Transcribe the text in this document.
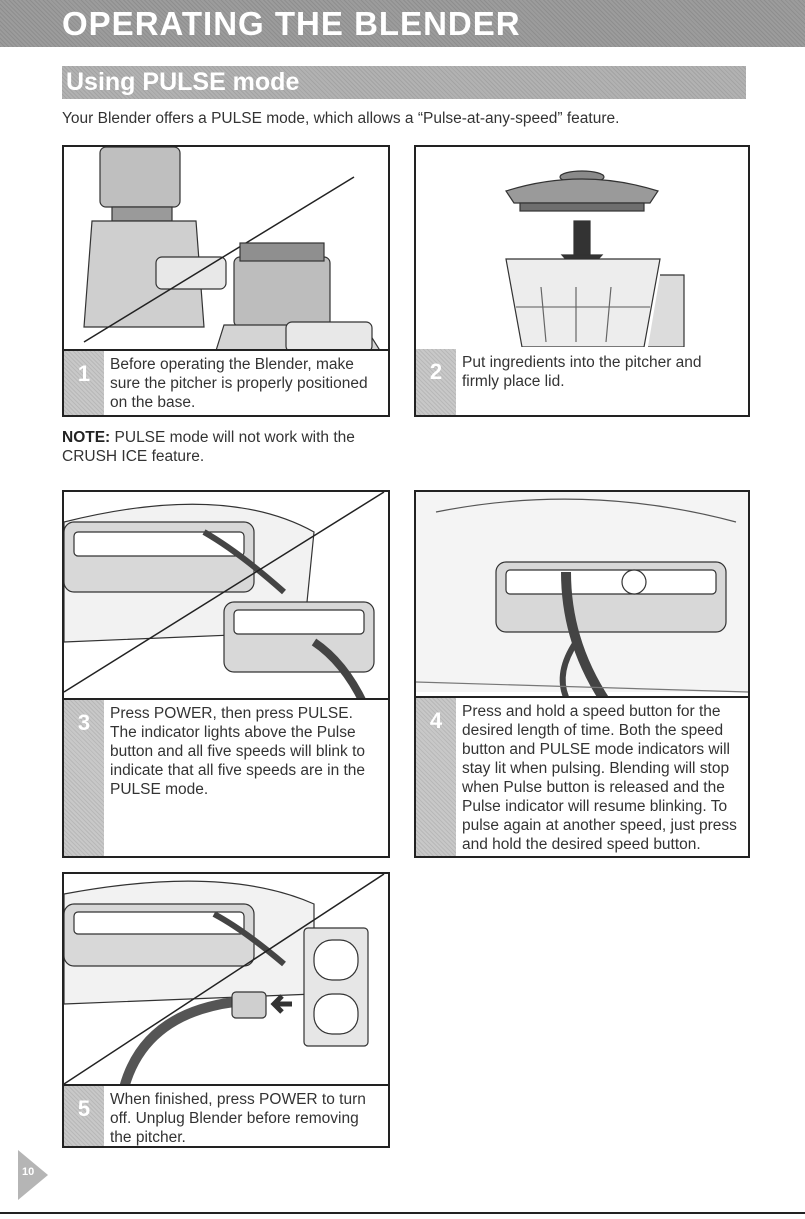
OPERATING THE BLENDER
Using PULSE mode

Your Blender offers a PULSE mode, which allows a “Pulse-at-any-speed” feature.

1	Before operating the Blender, make sure the pitcher is properly positioned on the base.
NOTE: PULSE mode will not work with the CRUSH ICE feature.
2	Put ingredients into the pitcher and firmly place lid.
3	Press POWER, then press PULSE. The indicator lights above the Pulse button and all five speeds will blink to indicate that all five speeds are in the PULSE mode.
4	Press and hold a speed button for the desired length of time. Both the speed button and PULSE mode indicators will stay lit when pulsing. Blending will stop when Pulse button is released and the Pulse indicator will resume blinking. To pulse again at another speed, just press and hold the desired speed button.
5	When finished, press POWER to turn off. Unplug Blender before removing the pitcher.
10
